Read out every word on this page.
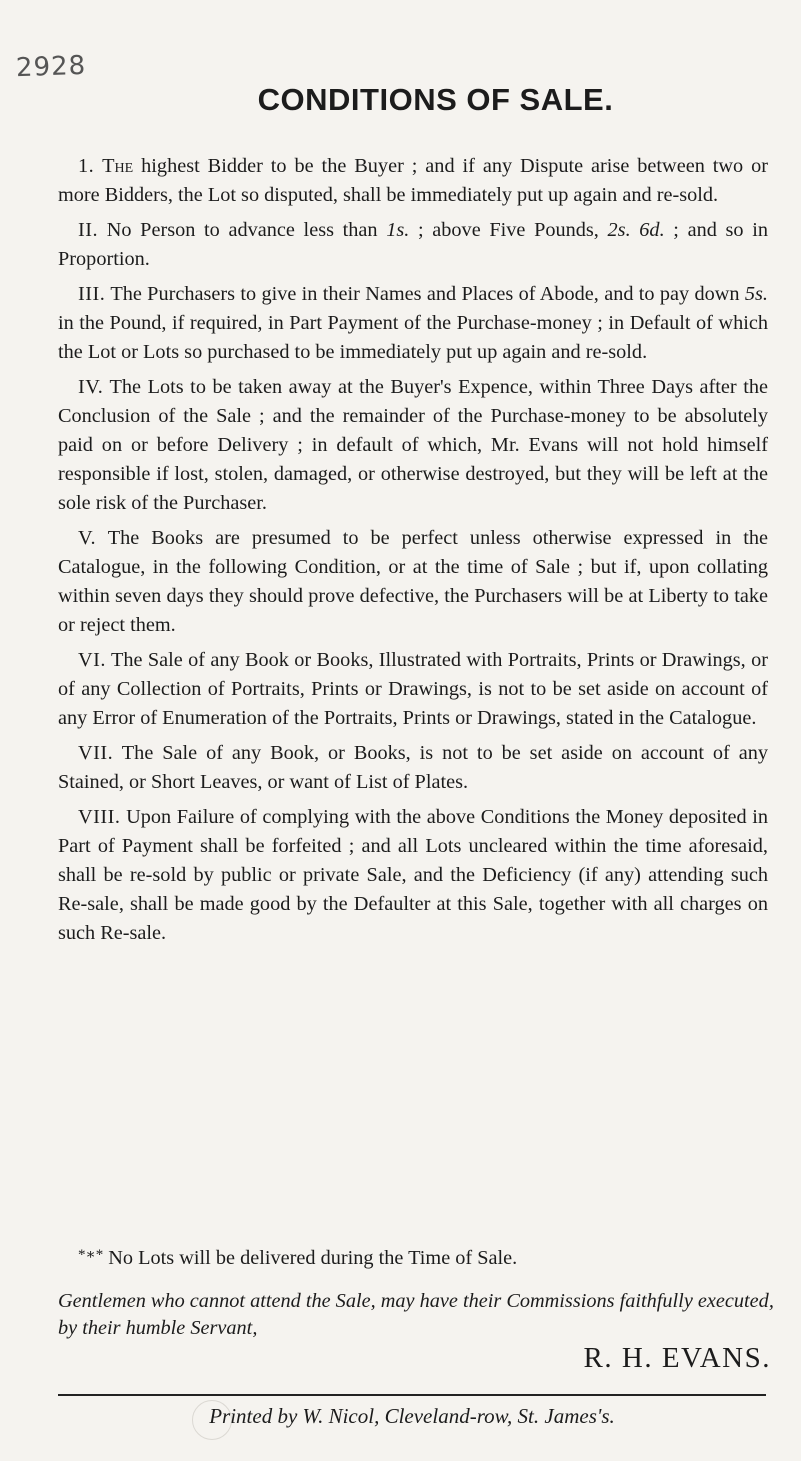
2928
CONDITIONS OF SALE.

1. The highest Bidder to be the Buyer ; and if any Dispute arise between two or more Bidders, the Lot so disputed, shall be immediately put up again and re-sold.

II. No Person to advance less than 1s. ; above Five Pounds, 2s. 6d. ; and so in Proportion.

III. The Purchasers to give in their Names and Places of Abode, and to pay down 5s. in the Pound, if required, in Part Payment of the Purchase-money ; in Default of which the Lot or Lots so purchased to be immediately put up again and re-sold.

IV. The Lots to be taken away at the Buyer's Expence, within Three Days after the Conclusion of the Sale ; and the remainder of the Purchase-money to be absolutely paid on or before Delivery ; in default of which, Mr. Evans will not hold himself responsible if lost, stolen, damaged, or otherwise destroyed, but they will be left at the sole risk of the Purchaser.

V. The Books are presumed to be perfect unless otherwise expressed in the Catalogue, in the following Condition, or at the time of Sale ; but if, upon collating within seven days they should prove defective, the Purchasers will be at Liberty to take or reject them.

VI. The Sale of any Book or Books, Illustrated with Portraits, Prints or Drawings, or of any Collection of Portraits, Prints or Drawings, is not to be set aside on account of any Error of Enumeration of the Portraits, Prints or Drawings, stated in the Catalogue.

VII. The Sale of any Book, or Books, is not to be set aside on account of any Stained, or Short Leaves, or want of List of Plates.

VIII. Upon Failure of complying with the above Conditions the Money deposited in Part of Payment shall be forfeited ; and all Lots uncleared within the time aforesaid, shall be re-sold by public or private Sale, and the Deficiency (if any) attending such Re-sale, shall be made good by the Defaulter at this Sale, together with all charges on such Re-sale.

*∗* No Lots will be delivered during the Time of Sale.

Gentlemen who cannot attend the Sale, may have their Commissions faithfully executed, by their humble Servant,

R. H. EVANS.

Printed by W. Nicol, Cleveland-row, St. James's.
